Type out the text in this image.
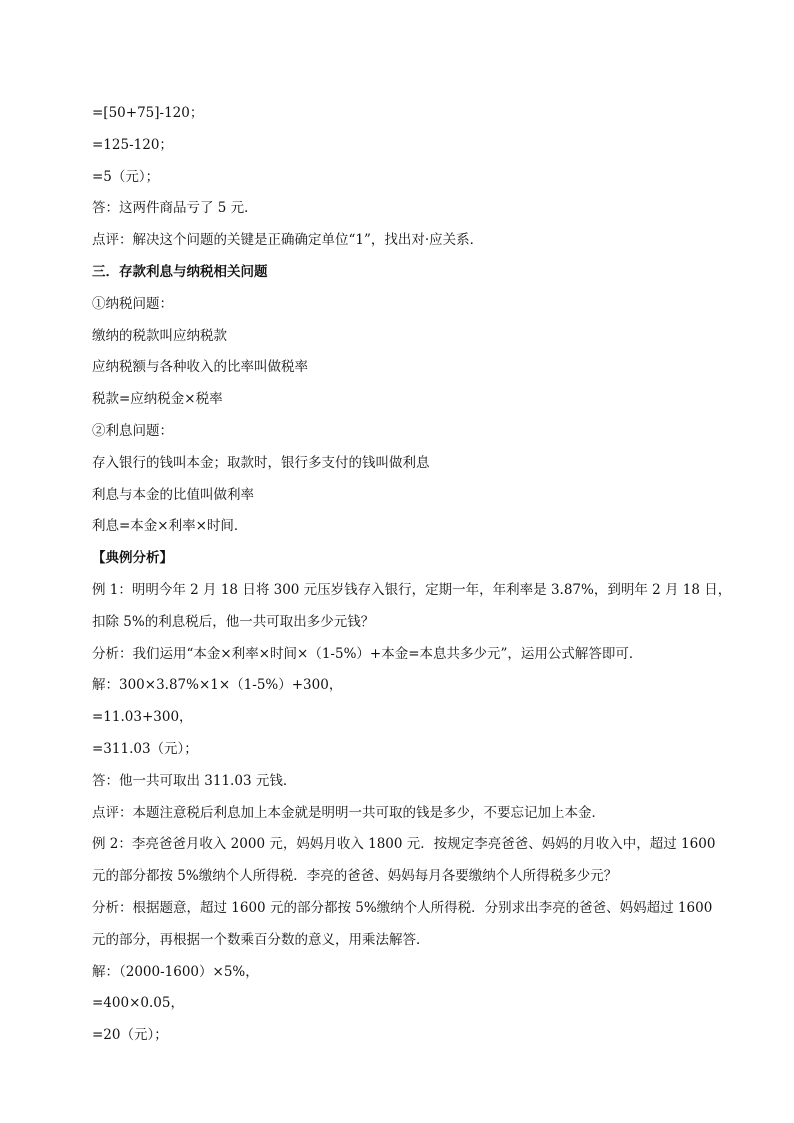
=[50+75]-120；
=125-120；
=5（元）；
答：这两件商品亏了 5 元．
点评：解决这个问题的关键是正确确定单位“1”，找出对·应关系．
三．存款利息与纳税相关问题
①纳税问题：
缴纳的税款叫应纳税款
应纳税额与各种收入的比率叫做税率
税款=应纳税金×税率
②利息问题：
存入银行的钱叫本金；取款时，银行多支付的钱叫做利息
利息与本金的比值叫做利率
利息=本金×利率×时间．
【典例分析】
例 1：明明今年 2 月 18 日将 300 元压岁钱存入银行，定期一年，年利率是 3.87%，到明年 2 月 18 日，
扣除 5%的利息税后，他一共可取出多少元钱？
分析：我们运用“本金×利率×时间×（1-5%）+本金=本息共多少元”，运用公式解答即可．
解：300×3.87%×1×（1-5%）+300，
=11.03+300，
=311.03（元）；
答：他一共可取出 311.03 元钱．
点评：本题注意税后利息加上本金就是明明一共可取的钱是多少，不要忘记加上本金．
例 2：李亮爸爸月收入 2000 元，妈妈月收入 1800 元．按规定李亮爸爸、妈妈的月收入中，超过 1600
元的部分都按 5%缴纳个人所得税．李亮的爸爸、妈妈每月各要缴纳个人所得税多少元？
分析：根据题意，超过 1600 元的部分都按 5%缴纳个人所得税．分别求出李亮的爸爸、妈妈超过 1600
元的部分，再根据一个数乘百分数的意义，用乘法解答．
解：（2000-1600）×5%，
=400×0.05，
=20（元）；
